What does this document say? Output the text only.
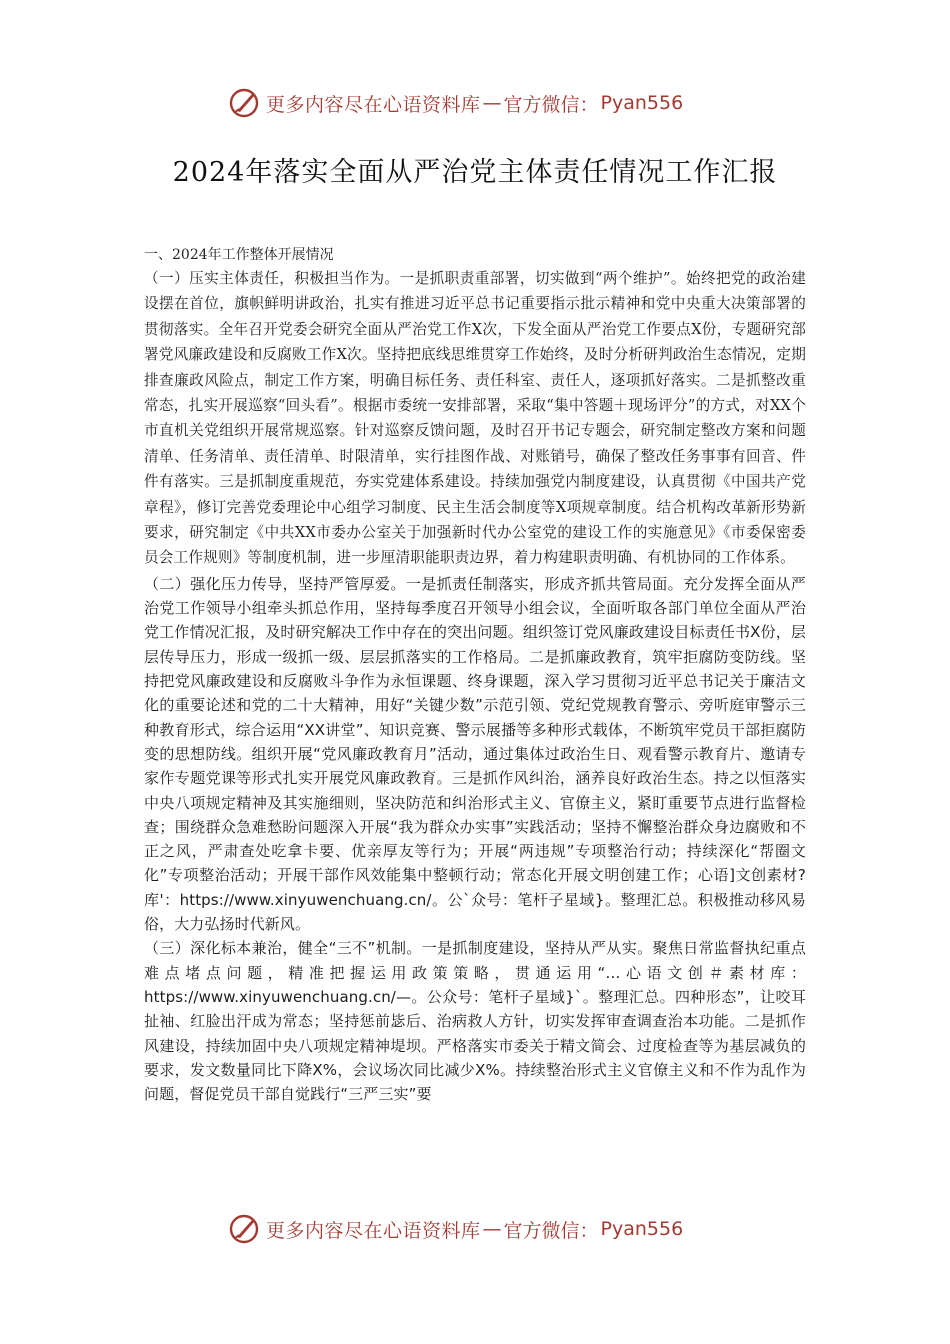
更多内容尽在心语资料库 — 官方微信： Pyan556
2024年落实全面从严治党主体责任情况工作汇报

一、2024年工作整体开展情况

（一）压实主体责任，积极担当作为。一是抓职责重部署，切实做到“两个维护”。始终把党的政治建设摆在首位，旗帜鲜明讲政治，扎实有推进习近平总书记重要指示批示精神和党中央重大决策部署的贯彻落实。全年召开党委会研究全面从严治党工作X次，下发全面从严治党工作要点X份，专题研究部署党风廉政建设和反腐败工作X次。坚持把底线思维贯穿工作始终，及时分析研判政治生态情况，定期排查廉政风险点，制定工作方案，明确目标任务、责任科室、责任人，逐项抓好落实。二是抓整改重常态，扎实开展巡察“回头看”。根据市委统一安排部署，采取“集中答题＋现场评分”的方式，对XX个市直机关党组织开展常规巡察。针对巡察反馈问题，及时召开书记专题会，研究制定整改方案和问题清单、任务清单、责任清单、时限清单，实行挂图作战、对账销号，确保了整改任务事事有回音、件件有落实。三是抓制度重规范，夯实党建体系建设。持续加强党内制度建设，认真贯彻《中国共产党章程》，修订完善党委理论中心组学习制度、民主生活会制度等X项规章制度。结合机构改革新形势新要求，研究制定《中共XX市委办公室关于加强新时代办公室党的建设工作的实施意见》《市委保密委员会工作规则》等制度机制，进一步厘清职能职责边界，着力构建职责明确、有机协同的工作体系。

（二）强化压力传导，坚持严管厚爱。一是抓责任制落实，形成齐抓共管局面。充分发挥全面从严治党工作领导小组牵头抓总作用，坚持每季度召开领导小组会议，全面听取各部门单位全面从严治党工作情况汇报，及时研究解决工作中存在的突出问题。组织签订党风廉政建设目标责任书X份，层层传导压力，形成一级抓一级、层层抓落实的工作格局。二是抓廉政教育，筑牢拒腐防变防线。坚持把党风廉政建设和反腐败斗争作为永恒课题、终身课题，深入学习贯彻习近平总书记关于廉洁文化的重要论述和党的二十大精神，用好“关键少数”示范引领、党纪党规教育警示、旁听庭审警示三种教育形式，综合运用“XX讲堂”、知识竞赛、警示展播等多种形式载体，不断筑牢党员干部拒腐防变的思想防线。组织开展“党风廉政教育月”活动，通过集体过政治生日、观看警示教育片、邀请专家作专题党课等形式扎实开展党风廉政教育。三是抓作风纠治，涵养良好政治生态。持之以恒落实中央八项规定精神及其实施细则，坚决防范和纠治形式主义、官僚主义，紧盯重要节点进行监督检查；围绕群众急难愁盼问题深入开展“我为群众办实事”实践活动；坚持不懈整治群众身边腐败和不正之风，严肃查处吃拿卡要、优亲厚友等行为；开展“两违规”专项整治行动；持续深化“帮圈文化”专项整治活动；开展干部作风效能集中整顿行动；常态化开展文明创建工作；心语]文创素材?库'：https://www.xinyuwenchuang.cn/。公`众号：笔杆子星域}。整理汇总。积极推动移风易俗，大力弘扬时代新风。

（三）深化标本兼治，健全“三不”机制。一是抓制度建设，坚持从严从实。聚焦日常监督执纪重点难点堵点问题，精准把握运用政策策略，贯通运用“…心语文创＃素材库：https://www.xinyuwenchuang.cn/—。公众号：笔杆子星域}`。整理汇总。四种形态”，让咬耳扯袖、红脸出汗成为常态；坚持惩前毖后、治病救人方针，切实发挥审查调查治本功能。二是抓作风建设，持续加固中央八项规定精神堤坝。严格落实市委关于精文简会、过度检查等为基层减负的要求，发文数量同比下降X%，会议场次同比减少X%。持续整治形式主义官僚主义和不作为乱作为问题，督促党员干部自觉践行“三严三实”要

更多内容尽在心语资料库 — 官方微信： Pyan556
